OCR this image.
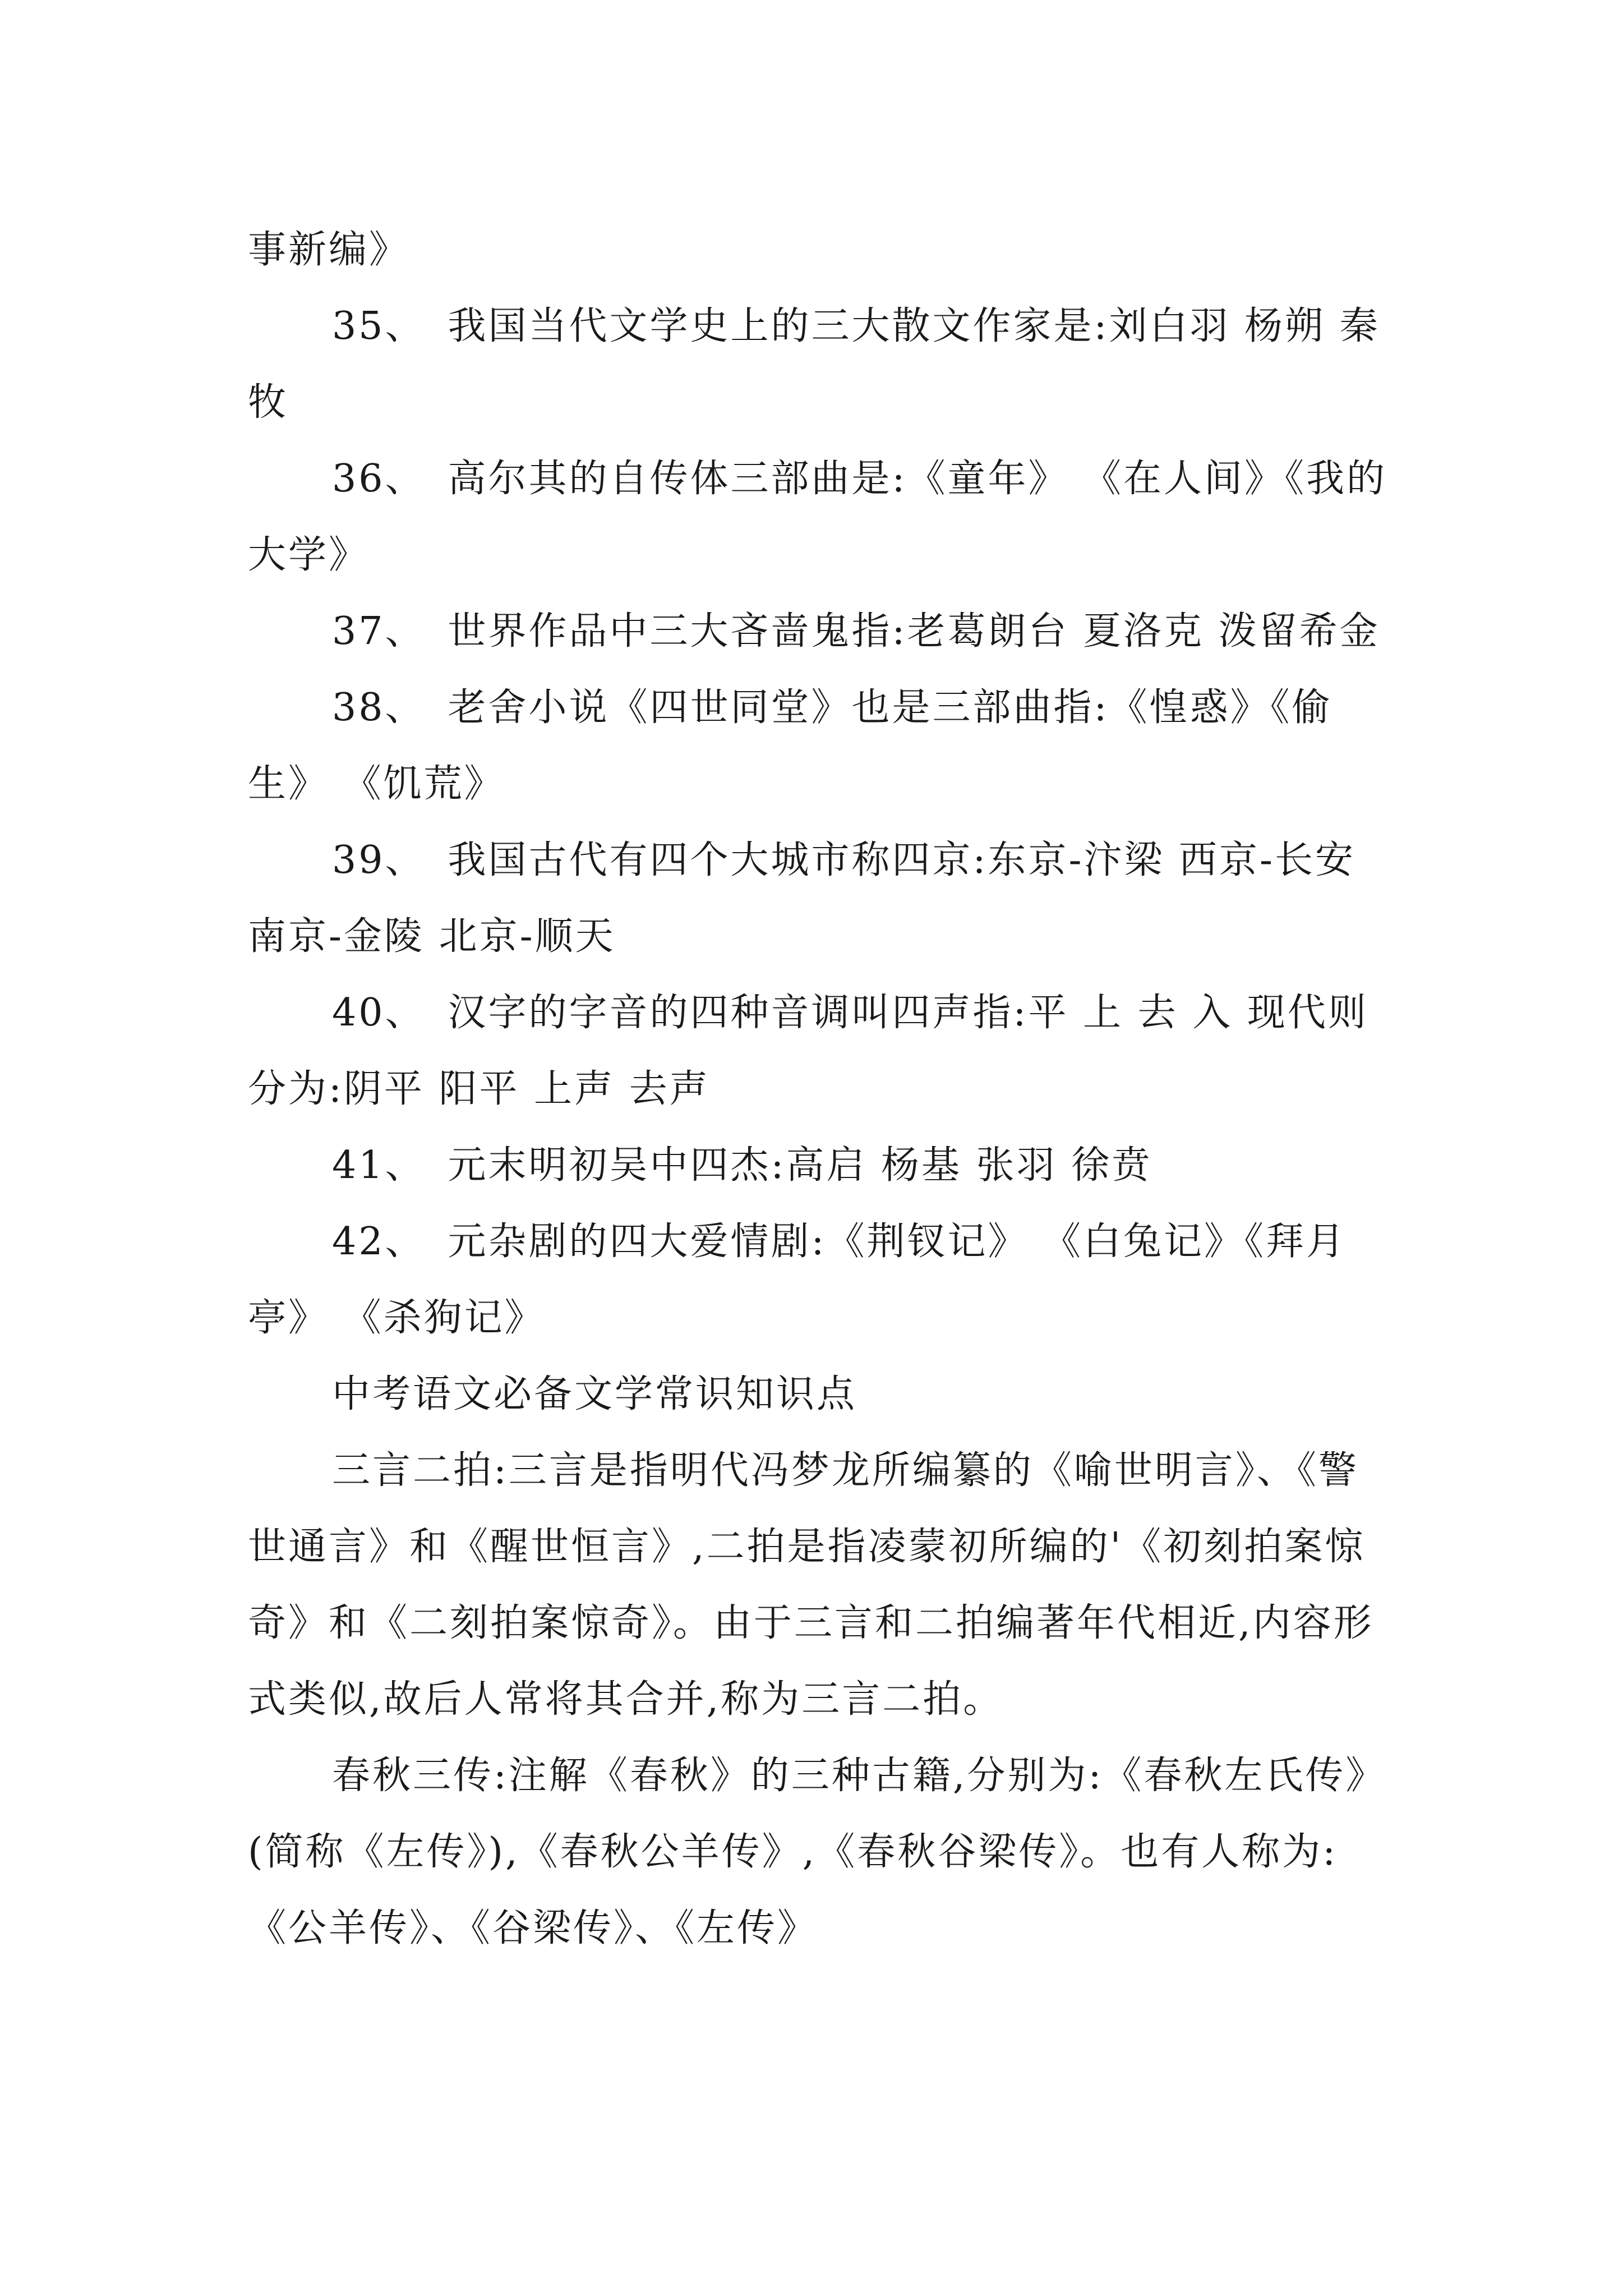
事新编》

35、 我国当代文学史上的三大散文作家是:刘白羽 杨朔 秦牧

36、 高尔其的自传体三部曲是:《童年》 《在人间》《我的大学》

37、 世界作品中三大吝啬鬼指:老葛朗台 夏洛克 泼留希金

38、 老舍小说《四世同堂》也是三部曲指:《惶惑》《偷生》 《饥荒》

39、 我国古代有四个大城市称四京:东京-汴梁 西京-长安 南京-金陵 北京-顺天

40、 汉字的字音的四种音调叫四声指:平 上 去 入 现代则分为:阴平 阳平 上声 去声

41、 元末明初吴中四杰:高启 杨基 张羽 徐贲

42、 元杂剧的四大爱情剧:《荆钗记》 《白兔记》《拜月亭》 《杀狗记》

中考语文必备文学常识知识点

三言二拍:三言是指明代冯梦龙所编纂的《喻世明言》、《警世通言》和《醒世恒言》,二拍是指凌蒙初所编的'《初刻拍案惊奇》和《二刻拍案惊奇》。由于三言和二拍编著年代相近,内容形式类似,故后人常将其合并,称为三言二拍。

春秋三传:注解《春秋》的三种古籍,分别为:《春秋左氏传》(简称《左传》),《春秋公羊传》,《春秋谷梁传》。也有人称为:《公羊传》、《谷梁传》、《左传》
